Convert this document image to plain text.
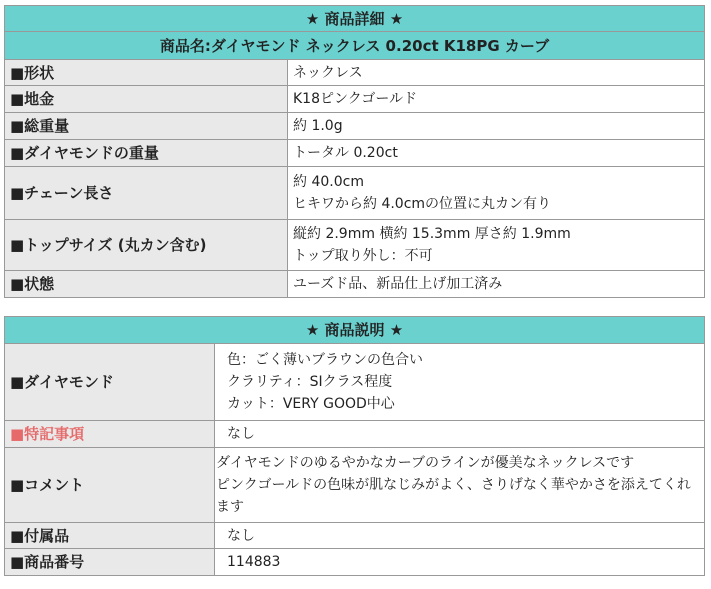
★ 商品詳細 ★	
商品名:ダイヤモンド ネックレス 0.20ct K18PG カーブ	
■形状	ネックレス
■地金	K18ピンクゴールド
■総重量	約 1.0g
■ダイヤモンドの重量	トータル 0.20ct
■チェーン長さ	約 40.0cm
ヒキワから約 4.0cmの位置に丸カン有り

■トップサイズ (丸カン含む)	縦約 2.9mm 横約 15.3mm 厚さ約 1.9mm
トップ取り外し：不可

■状態	ユーズド品、新品仕上げ加工済み
★ 商品説明 ★	
■ダイヤモンド	色：ごく薄いブラウンの色合い
クラリティ：SIクラス程度
カット：VERY GOOD中心

■特記事項	なし
■コメント	ダイヤモンドのゆるやかなカーブのラインが優美なネックレスです
ピンクゴールドの色味が肌なじみがよく、さりげなく華やかさを添えてくれ
ます

■付属品	なし
■商品番号	114883
